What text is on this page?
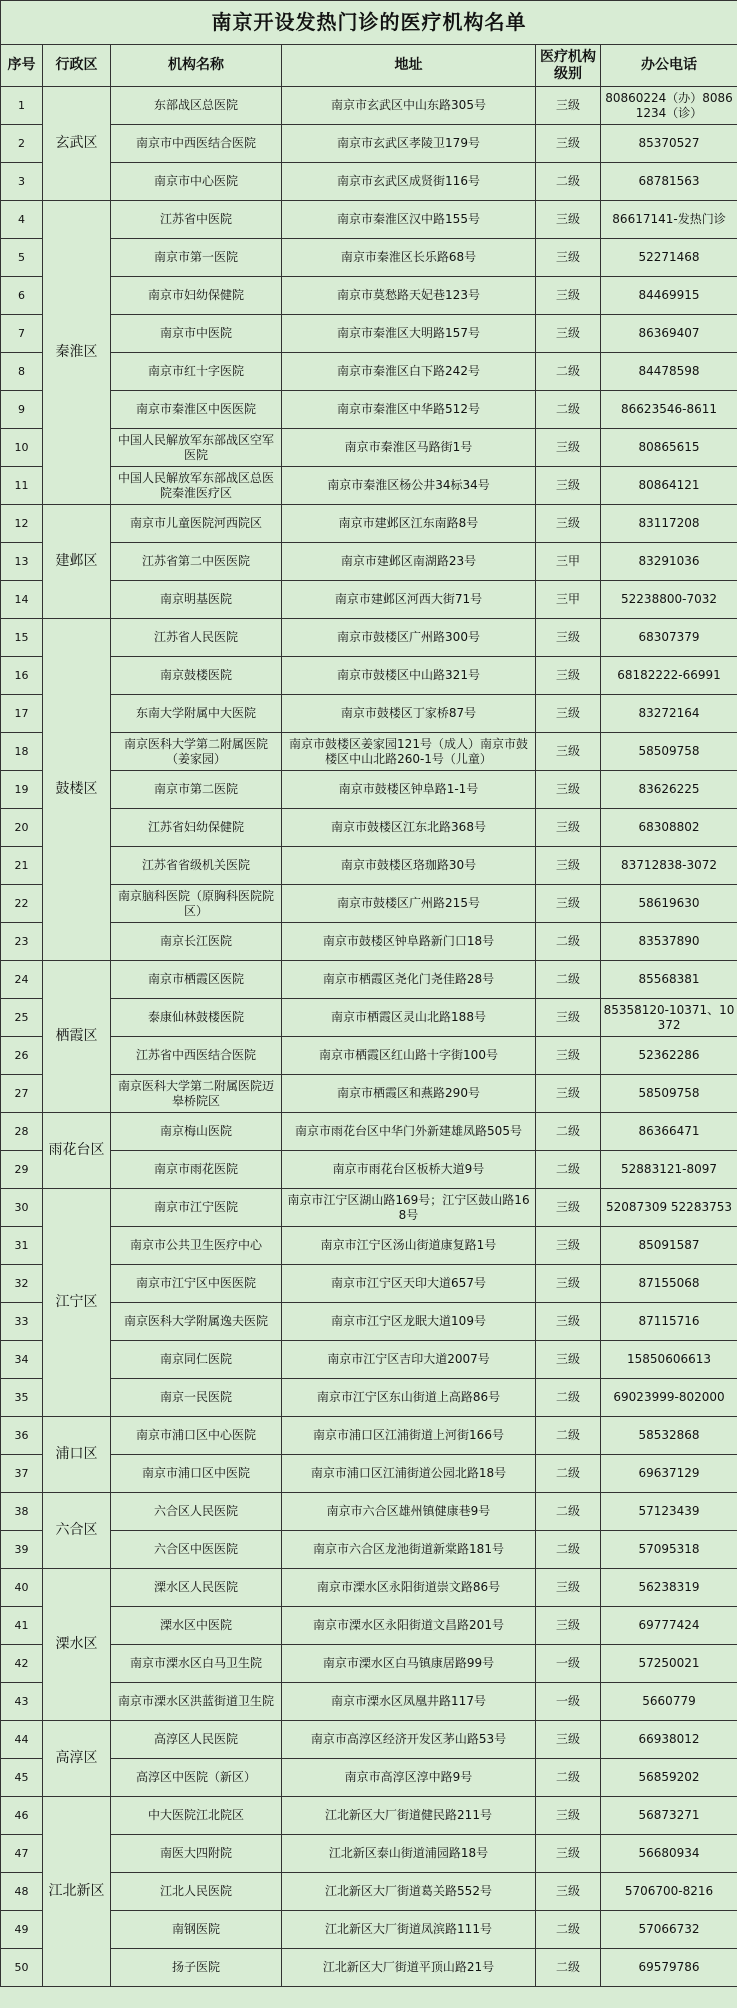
南京开设发热门诊的医疗机构名单					
序号	行政区	机构名称	地址	医疗机构级别	办公电话
1	玄武区	东部战区总医院	南京市玄武区中山东路305号	三级	80860224（办）80861234（诊）
2		南京市中西医结合医院	南京市玄武区孝陵卫179号	三级	85370527
3		南京市中心医院	南京市玄武区成贤街116号	二级	68781563
4	秦淮区	江苏省中医院	南京市秦淮区汉中路155号	三级	86617141-发热门诊
5		南京市第一医院	南京市秦淮区长乐路68号	三级	52271468
6		南京市妇幼保健院	南京市莫愁路天妃巷123号	三级	84469915
7		南京市中医院	南京市秦淮区大明路157号	三级	86369407
8		南京市红十字医院	南京市秦淮区白下路242号	二级	84478598
9		南京市秦淮区中医医院	南京市秦淮区中华路512号	二级	86623546-8611
10		中国人民解放军东部战区空军医院	南京市秦淮区马路街1号	三级	80865615
11		中国人民解放军东部战区总医院秦淮医疗区	南京市秦淮区杨公井34标34号	三级	80864121
12	建邺区	南京市儿童医院河西院区	南京市建邺区江东南路8号	三级	83117208
13		江苏省第二中医医院	南京市建邺区南湖路23号	三甲	83291036
14		南京明基医院	南京市建邺区河西大街71号	三甲	52238800-7032
15	鼓楼区	江苏省人民医院	南京市鼓楼区广州路300号	三级	68307379
16		南京鼓楼医院	南京市鼓楼区中山路321号	三级	68182222-66991
17		东南大学附属中大医院	南京市鼓楼区丁家桥87号	三级	83272164
18		南京医科大学第二附属医院（姜家园）	南京市鼓楼区姜家园121号（成人）南京市鼓楼区中山北路260-1号（儿童）	三级	58509758
19		南京市第二医院	南京市鼓楼区钟阜路1-1号	三级	83626225
20		江苏省妇幼保健院	南京市鼓楼区江东北路368号	三级	68308802
21		江苏省省级机关医院	南京市鼓楼区珞珈路30号	三级	83712838-3072
22		南京脑科医院（原胸科医院院区）	南京市鼓楼区广州路215号	三级	58619630
23		南京长江医院	南京市鼓楼区钟阜路新门口18号	二级	83537890
24	栖霞区	南京市栖霞区医院	南京市栖霞区尧化门尧佳路28号	二级	85568381
25		泰康仙林鼓楼医院	南京市栖霞区灵山北路188号	三级	85358120-10371、10372
26		江苏省中西医结合医院	南京市栖霞区红山路十字街100号	三级	52362286
27		南京医科大学第二附属医院迈皋桥院区	南京市栖霞区和燕路290号	三级	58509758
28	雨花台区	南京梅山医院	南京市雨花台区中华门外新建雄凤路505号	二级	86366471
29		南京市雨花医院	南京市雨花台区板桥大道9号	二级	52883121-8097
30	江宁区	南京市江宁医院	南京市江宁区湖山路169号；江宁区鼓山路168号	三级	52087309 52283753
31		南京市公共卫生医疗中心	南京市江宁区汤山街道康复路1号	三级	85091587
32		南京市江宁区中医医院	南京市江宁区天印大道657号	三级	87155068
33		南京医科大学附属逸夫医院	南京市江宁区龙眠大道109号	三级	87115716
34		南京同仁医院	南京市江宁区吉印大道2007号	三级	15850606613
35		南京一民医院	南京市江宁区东山街道上高路86号	二级	69023999-802000
36	浦口区	南京市浦口区中心医院	南京市浦口区江浦街道上河街166号	二级	58532868
37		南京市浦口区中医院	南京市浦口区江浦街道公园北路18号	二级	69637129
38	六合区	六合区人民医院	南京市六合区雄州镇健康巷9号	二级	57123439
39		六合区中医医院	南京市六合区龙池街道新棠路181号	二级	57095318
40	溧水区	溧水区人民医院	南京市溧水区永阳街道崇文路86号	三级	56238319
41		溧水区中医院	南京市溧水区永阳街道文昌路201号	三级	69777424
42		南京市溧水区白马卫生院	南京市溧水区白马镇康居路99号	一级	57250021
43		南京市溧水区洪蓝街道卫生院	南京市溧水区凤凰井路117号	一级	5660779
44	高淳区	高淳区人民医院	南京市高淳区经济开发区茅山路53号	三级	66938012
45		高淳区中医院（新区）	南京市高淳区淳中路9号	二级	56859202
46	江北新区	中大医院江北院区	江北新区大厂街道健民路211号	三级	56873271
47		南医大四附院	江北新区泰山街道浦园路18号	三级	56680934
48		江北人民医院	江北新区大厂街道葛关路552号	三级	5706700-8216
49		南钢医院	江北新区大厂街道凤滨路111号	二级	57066732
50		扬子医院	江北新区大厂街道平顶山路21号	二级	69579786
